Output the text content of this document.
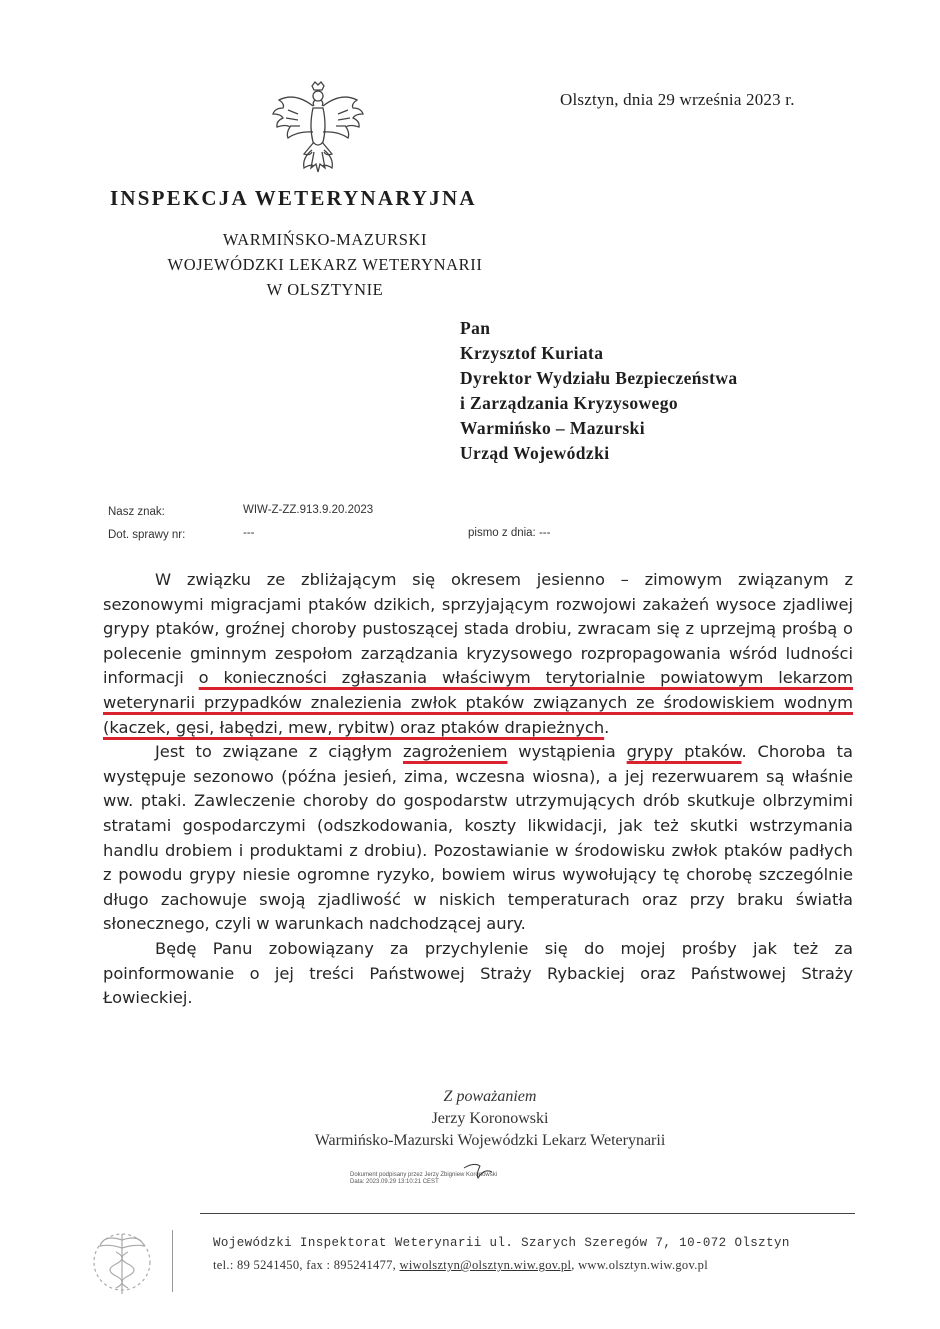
Olsztyn, dnia 29 września 2023 r.
INSPEKCJA WETERYNARYJNA
WARMIŃSKO-MAZURSKI
WOJEWÓDZKI LEKARZ WETERYNARII
W OLSZTYNIE
Pan
Krzysztof Kuriata
Dyrektor Wydziału Bezpieczeństwa
i Zarządzania Kryzysowego
Warmińsko – Mazurski
Urząd Wojewódzki
Nasz znak:	WIW-Z-ZZ.913.9.20.2023
Dot. sprawy nr:	---	pismo z dnia: ---

W związku ze zbliżającym się okresem jesienno – zimowym związanym z sezonowymi migracjami ptaków dzikich, sprzyjającym rozwojowi zakażeń wysoce zjadliwej grypy ptaków, groźnej choroby pustoszącej stada drobiu, zwracam się z uprzejmą prośbą o polecenie gminnym zespołom zarządzania kryzysowego rozpropagowania wśród ludności informacji o konieczności zgłaszania właściwym terytorialnie powiatowym lekarzom weterynarii przypadków znalezienia zwłok ptaków związanych ze środowiskiem wodnym (kaczek, gęsi, łabędzi, mew, rybitw) oraz ptaków drapieżnych.

Jest to związane z ciągłym zagrożeniem wystąpienia grypy ptaków. Choroba ta występuje sezonowo (późna jesień, zima, wczesna wiosna), a jej rezerwuarem są właśnie ww. ptaki. Zawleczenie choroby do gospodarstw utrzymujących drób skutkuje olbrzymimi stratami gospodarczymi (odszkodowania, koszty likwidacji, jak też skutki wstrzymania handlu drobiem i produktami z drobiu). Pozostawianie w środowisku zwłok ptaków padłych z powodu grypy niesie ogromne ryzyko, bowiem wirus wywołujący tę chorobę szczególnie długo zachowuje swoją zjadliwość w niskich temperaturach oraz przy braku światła słonecznego, czyli w warunkach nadchodzącej aury.

Będę Panu zobowiązany za przychylenie się do mojej prośby jak też za poinformowanie o jej treści Państwowej Straży Rybackiej oraz Państwowej Straży Łowieckiej.

Z poważaniem
Jerzy Koronowski
Warmińsko-Mazurski Wojewódzki Lekarz Weterynarii
Dokument podpisany przez Jerzy Zbigniew Koronowski
Data: 2023.09.29 13:10:21 CEST
Wojewódzki Inspektorat Weterynarii ul. Szarych Szeregów 7, 10-072 Olsztyn
tel.: 89 5241450, fax : 895241477, wiwolsztyn@olsztyn.wiw.gov.pl, www.olsztyn.wiw.gov.pl
